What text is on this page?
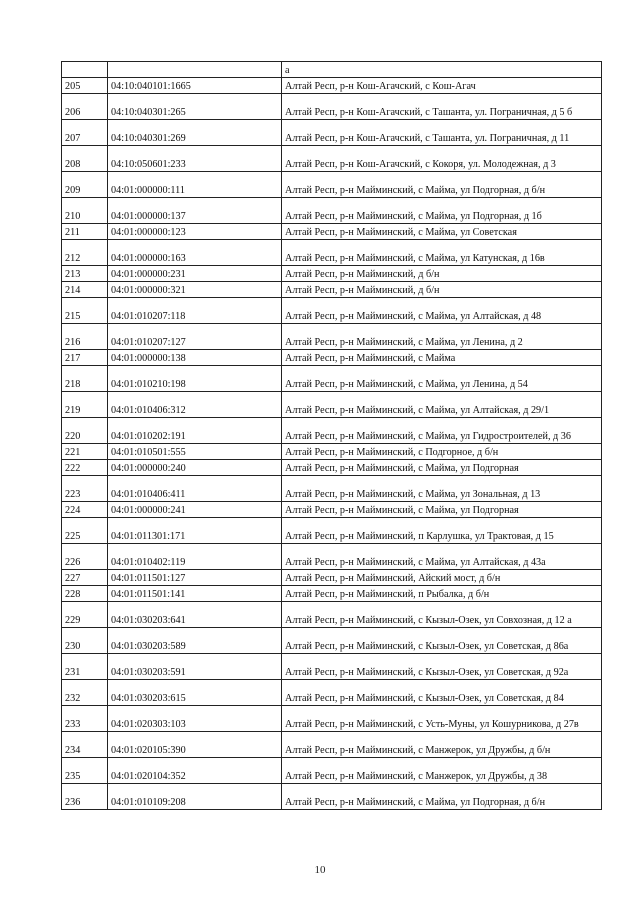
		а
205	04:10:040101:1665	Алтай Респ, р-н Кош-Агачский, с Кош-Агач
206	04:10:040301:265	Алтай Респ, р-н Кош-Агачский, с Ташанта, ул. Пограничная, д 5 б
207	04:10:040301:269	Алтай Респ, р-н Кош-Агачский, с Ташанта, ул. Пограничная, д 11
208	04:10:050601:233	Алтай Респ, р-н Кош-Агачский, с Кокоря, ул. Молодежная, д 3
209	04:01:000000:111	Алтай Респ, р-н Майминский, с Майма, ул Подгорная, д б/н
210	04:01:000000:137	Алтай Респ, р-н Майминский, с Майма, ул Подгорная, д 1б
211	04:01:000000:123	Алтай Респ, р-н Майминский, с Майма, ул Советская
212	04:01:000000:163	Алтай Респ, р-н Майминский, с Майма, ул Катунская, д 16в
213	04:01:000000:231	Алтай Респ, р-н Майминский, д б/н
214	04:01:000000:321	Алтай Респ, р-н Майминский, д б/н
215	04:01:010207:118	Алтай Респ, р-н Майминский, с Майма, ул Алтайская, д 48
216	04:01:010207:127	Алтай Респ, р-н Майминский, с Майма, ул Ленина, д 2
217	04:01:000000:138	Алтай Респ, р-н Майминский, с Майма
218	04:01:010210:198	Алтай Респ, р-н Майминский, с Майма, ул Ленина, д 54
219	04:01:010406:312	Алтай Респ, р-н Майминский, с Майма, ул Алтайская, д 29/1
220	04:01:010202:191	Алтай Респ, р-н Майминский, с Майма, ул Гидростроителей, д 36
221	04:01:010501:555	Алтай Респ, р-н Майминский, с Подгорное, д б/н
222	04:01:000000:240	Алтай Респ, р-н Майминский, с Майма, ул Подгорная
223	04:01:010406:411	Алтай Респ, р-н Майминский, с Майма, ул Зональная, д 13
224	04:01:000000:241	Алтай Респ, р-н Майминский, с Майма, ул Подгорная
225	04:01:011301:171	Алтай Респ, р-н Майминский, п Карлушка, ул Трактовая, д 15
226	04:01:010402:119	Алтай Респ, р-н Майминский, с Майма, ул Алтайская, д 43а
227	04:01:011501:127	Алтай Респ, р-н Майминский, Айский мост, д б/н
228	04:01:011501:141	Алтай Респ, р-н Майминский, п Рыбалка, д б/н
229	04:01:030203:641	Алтай Респ, р-н Майминский, с Кызыл-Озек, ул Совхозная, д 12 а
230	04:01:030203:589	Алтай Респ, р-н Майминский, с Кызыл-Озек, ул Советская, д 86а
231	04:01:030203:591	Алтай Респ, р-н Майминский, с Кызыл-Озек, ул Советская, д 92а
232	04:01:030203:615	Алтай Респ, р-н Майминский, с Кызыл-Озек, ул Советская, д 84
233	04:01:020303:103	Алтай Респ, р-н Майминский, с Усть-Муны, ул Кошурникова, д 27в
234	04:01:020105:390	Алтай Респ, р-н Майминский, с Манжерок, ул Дружбы, д б/н
235	04:01:020104:352	Алтай Респ, р-н Майминский, с Манжерок, ул Дружбы, д 38
236	04:01:010109:208	Алтай Респ, р-н Майминский, с Майма, ул Подгорная, д б/н
10
